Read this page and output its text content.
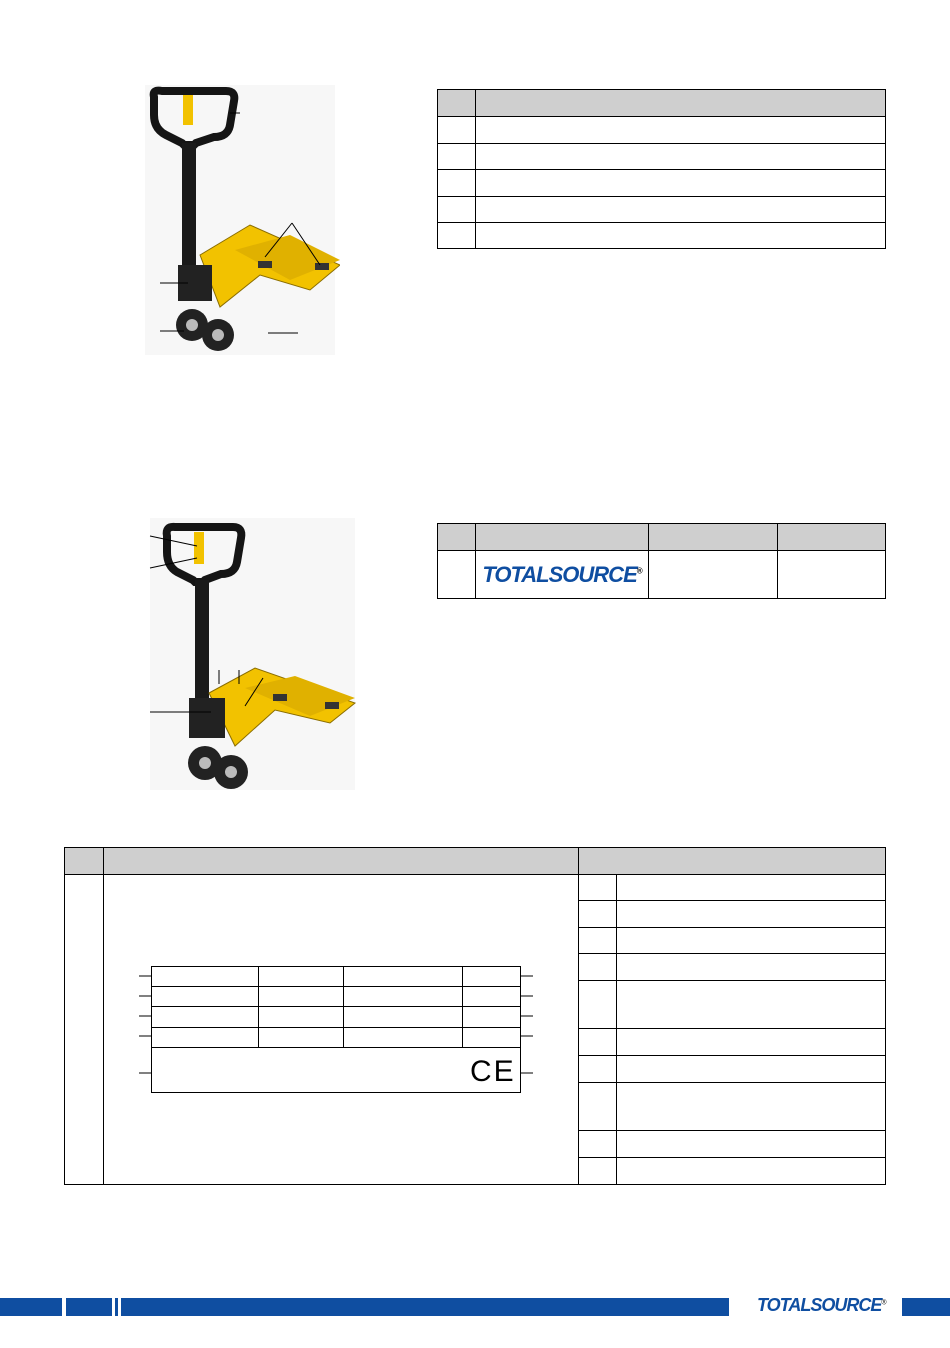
	TOTALSOURCE®		
CE
TOTALSOURCE®
